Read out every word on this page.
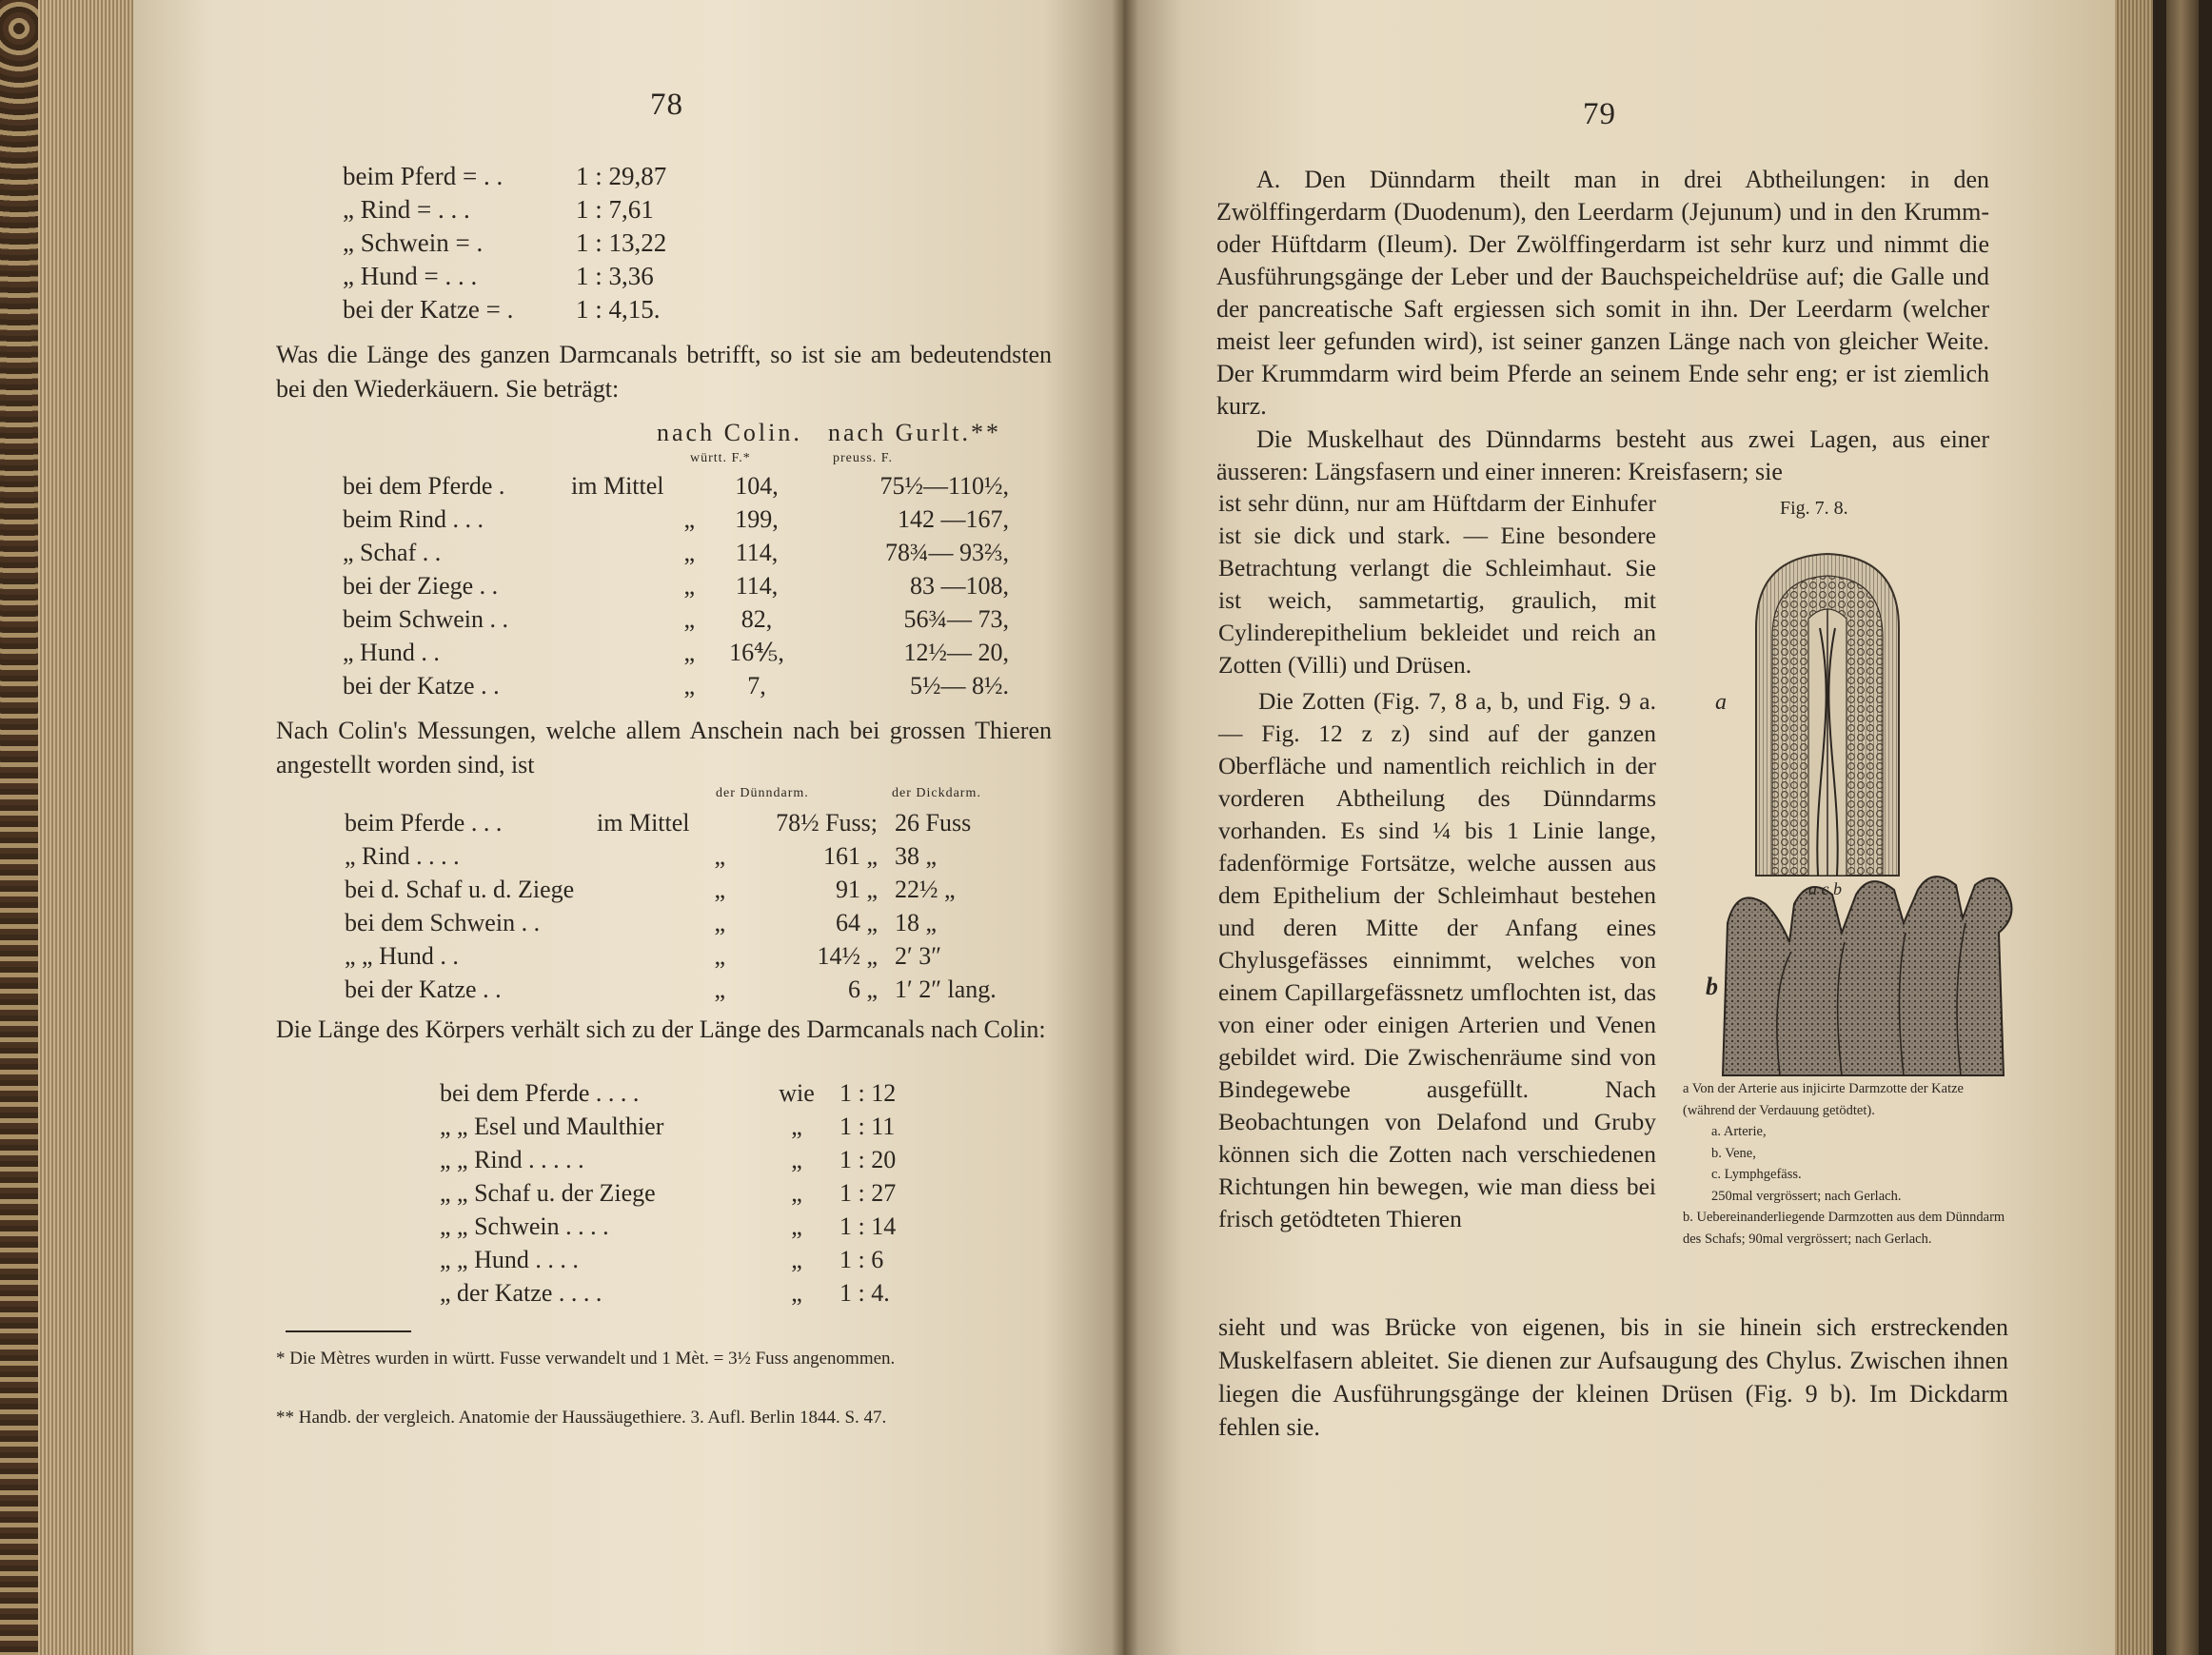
78
beim Pferd = . .	1 : 29,87
„ Rind = . . .	1 : 7,61
„ Schwein = .	1 : 13,22
„ Hund = . . .	1 : 3,36
bei der Katze = .	1 : 4,15.
Was die Länge des ganzen Darmcanals betrifft, so ist sie am bedeutendsten bei den Wiederkäuern. Sie beträgt:
nach Colin.	nach Gurlt.**
württ. F.*	preuss. F.
bei dem Pferde .	im Mittel	104,	75½—110½,
beim Rind . . .	„	199,	142 —167,
„ Schaf . .	„	114,	78¾— 93⅔,
bei der Ziege . .	„	114,	83 —108,
beim Schwein . .	„	82,	56¾— 73,
„ Hund . .	„	16⅘,	12½— 20,
bei der Katze . .	„	7,	5½— 8½.
Nach Colin's Messungen, welche allem Anschein nach bei grossen Thieren angestellt worden sind, ist
der Dünndarm.	der Dickdarm.
beim Pferde . . .	im Mittel	78½ Fuss; 26 Fuss
„ Rind . . . .	„	161 „ 38 „
bei d. Schaf u. d. Ziege	„	91 „ 22½ „
bei dem Schwein . .	„	64 „ 18 „
„ „ Hund . .	„	14½ „ 2′ 3″
bei der Katze . .	„	6 „ 1′ 2″ lang.
Die Länge des Körpers verhält sich zu der Länge des Darmcanals nach Colin:
bei dem Pferde . . . .	wie	1 : 12
„ „ Esel und Maulthier	„	1 : 11
„ „ Rind . . . . .	„	1 : 20
„ „ Schaf u. der Ziege	„	1 : 27
„ „ Schwein . . . .	„	1 : 14
„ „ Hund . . . .	„	1 : 6
„ der Katze . . . .	„	1 : 4.
* Die Mètres wurden in württ. Fusse verwandelt und 1 Mèt. = 3½ Fuss angenommen.
** Handb. der vergleich. Anatomie der Haussäugethiere. 3. Aufl. Berlin 1844. S. 47.
79
A. Den Dünndarm theilt man in drei Abtheilungen: in den Zwölffingerdarm (Duodenum), den Leerdarm (Jejunum) und in den Krumm- oder Hüftdarm (Ileum). Der Zwölffingerdarm ist sehr kurz und nimmt die Ausführungsgänge der Leber und der Bauchspeicheldrüse auf; die Galle und der pancreatische Saft ergiessen sich somit in ihn. Der Leerdarm (welcher meist leer gefunden wird), ist seiner ganzen Länge nach von gleicher Weite. Der Krummdarm wird beim Pferde an seinem Ende sehr eng; er ist ziemlich kurz.
Die Muskelhaut des Dünndarms besteht aus zwei Lagen, aus einer äusseren: Längsfasern und einer inneren: Kreisfasern; sie
ist sehr dünn, nur am Hüftdarm der Einhufer ist sie dick und stark. — Eine besondere Betrachtung verlangt die Schleimhaut. Sie ist weich, sammetartig, graulich, mit Cylinderepithelium bekleidet und reich an Zotten (Villi) und Drüsen.
Die Zotten (Fig. 7, 8 a, b, und Fig. 9 a. — Fig. 12 z z) sind auf der ganzen Oberfläche und namentlich reichlich in der vorderen Abtheilung des Dünndarms vorhanden. Es sind ¼ bis 1 Linie lange, fadenförmige Fortsätze, welche aussen aus dem Epithelium der Schleimhaut bestehen und deren Mitte der Anfang eines Chylusgefässes einnimmt, welches von einem Capillargefässnetz umflochten ist, das von einer oder einigen Arterien und Venen gebildet wird. Die Zwischenräume sind von Bindegewebe ausgefüllt. Nach Beobachtungen von Delafond und Gruby können sich die Zotten nach verschiedenen Richtungen hin bewegen, wie man diess bei frisch getödteten Thieren
Fig. 7. 8.
a
a c b
b
a Von der Arterie aus injicirte Darmzotte der Katze (während der Verdauung getödtet).
a. Arterie,
b. Vene,
c. Lymphgefäss.
250mal vergrössert; nach Gerlach.
b. Uebereinanderliegende Darmzotten aus dem Dünndarm des Schafs; 90mal vergrössert; nach Gerlach.
sieht und was Brücke von eigenen, bis in sie hinein sich erstreckenden Muskelfasern ableitet. Sie dienen zur Aufsaugung des Chylus. Zwischen ihnen liegen die Ausführungsgänge der kleinen Drüsen (Fig. 9 b). Im Dickdarm fehlen sie.
